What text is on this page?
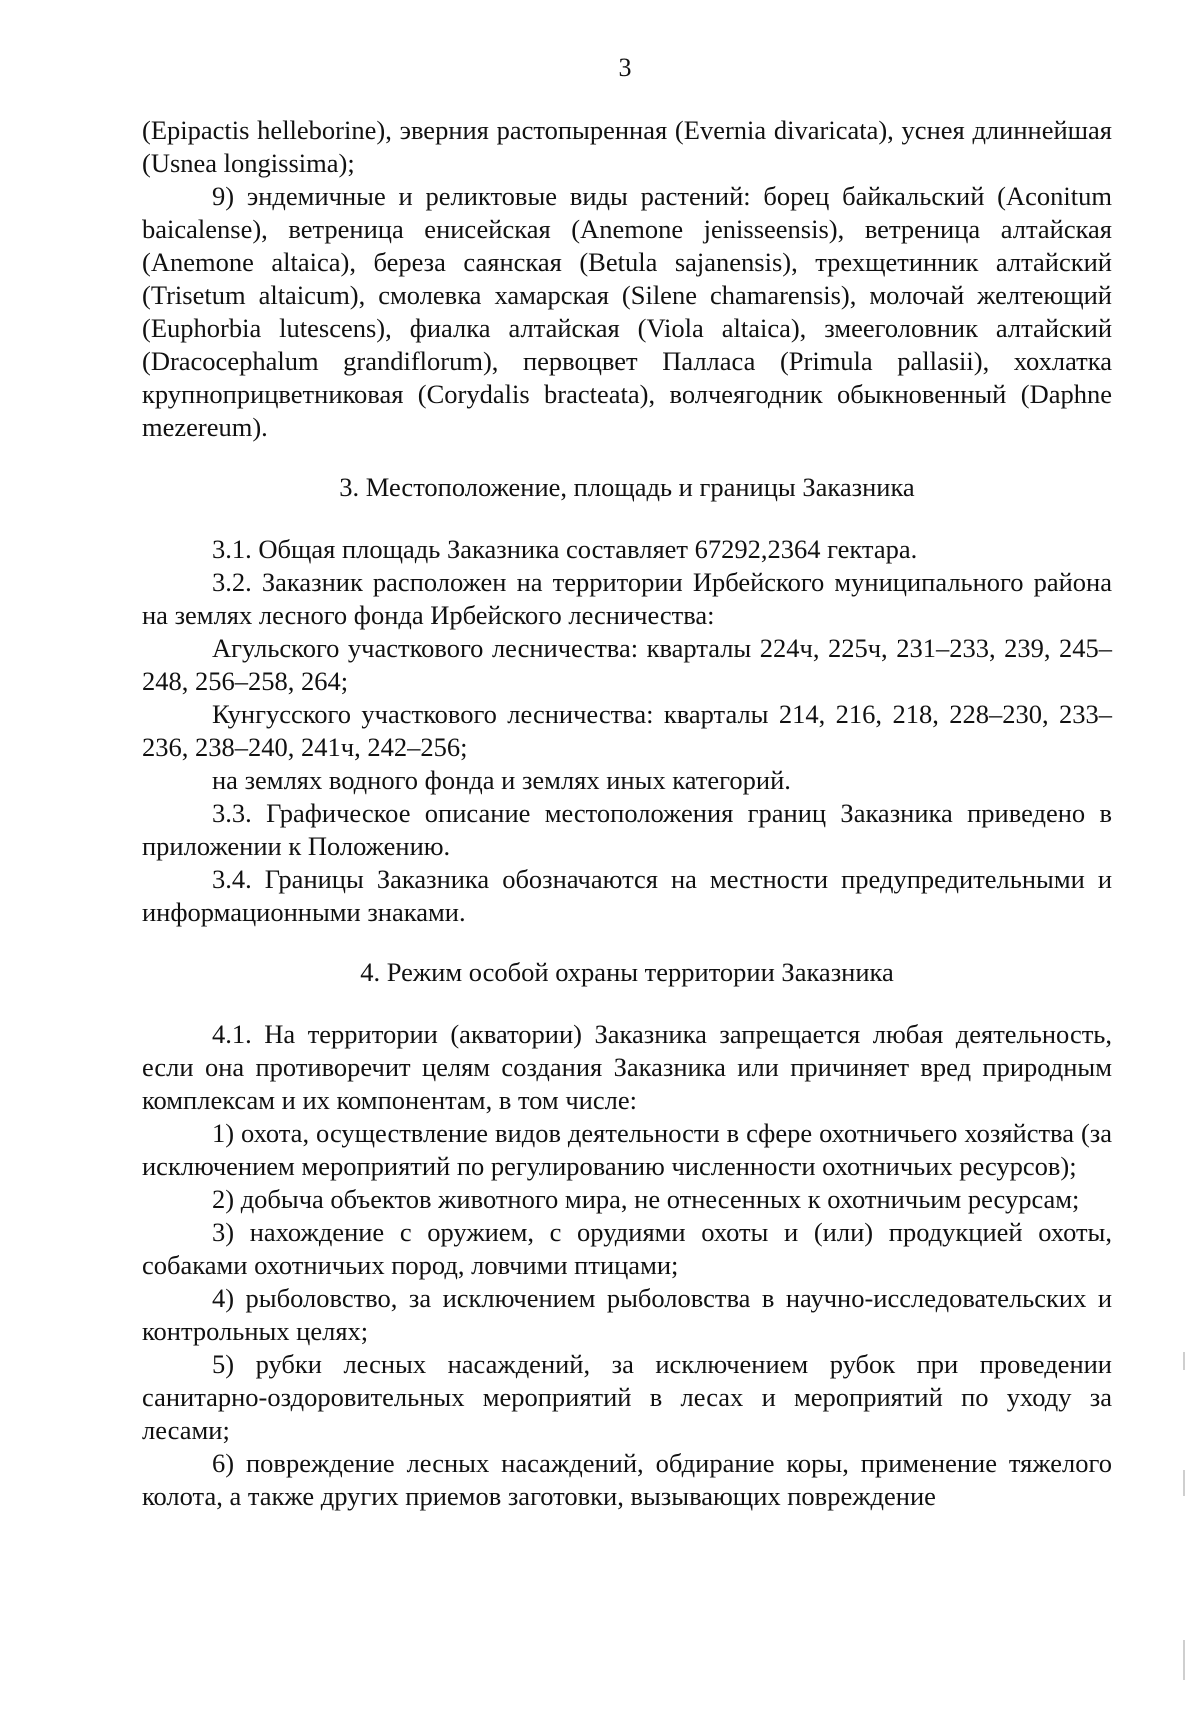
3

(Epipactis helleborine), эверния растопыренная (Evernia divaricata), уснея длиннейшая (Usnea longissima);

9) эндемичные и реликтовые виды растений: борец байкальский (Aconitum baicalense), ветреница енисейская (Anemone jenisseensis), ветреница алтайская (Anemone altaica), береза саянская (Betula sajanensis), трехщетинник алтайский (Trisetum altaicum), смолевка хамарская (Silene chamarensis), молочай желтеющий (Euphorbia lutescens), фиалка алтайская (Viola altaica), змееголовник алтайский (Dracocephalum grandiflorum), первоцвет Палласа (Primula pallasii), хохлатка крупноприцветниковая (Corydalis bracteata), волчеягодник обыкновенный (Daphne mezereum).

3. Местоположение, площадь и границы Заказника

3.1. Общая площадь Заказника составляет 67292,2364 гектара.

3.2. Заказник расположен на территории Ирбейского муниципального района на землях лесного фонда Ирбейского лесничества:

Агульского участкового лесничества: кварталы 224ч, 225ч, 231–233, 239, 245–248, 256–258, 264;

Кунгусского участкового лесничества: кварталы 214, 216, 218, 228–230, 233–236, 238–240, 241ч, 242–256;

на землях водного фонда и землях иных категорий.

3.3. Графическое описание местоположения границ Заказника приведено в приложении к Положению.

3.4. Границы Заказника обозначаются на местности предупредительными и информационными знаками.

4. Режим особой охраны территории Заказника

4.1. На территории (акватории) Заказника запрещается любая деятельность, если она противоречит целям создания Заказника или причиняет вред природным комплексам и их компонентам, в том числе:

1) охота, осуществление видов деятельности в сфере охотничьего хозяйства (за исключением мероприятий по регулированию численности охотничьих ресурсов);

2) добыча объектов животного мира, не отнесенных к охотничьим ресурсам;

3) нахождение с оружием, с орудиями охоты и (или) продукцией охоты, собаками охотничьих пород, ловчими птицами;

4) рыболовство, за исключением рыболовства в научно-исследовательских и контрольных целях;

5) рубки лесных насаждений, за исключением рубок при проведении санитарно-оздоровительных мероприятий в лесах и мероприятий по уходу за лесами;

6) повреждение лесных насаждений, обдирание коры, применение тяжелого колота, а также других приемов заготовки, вызывающих повреждение
